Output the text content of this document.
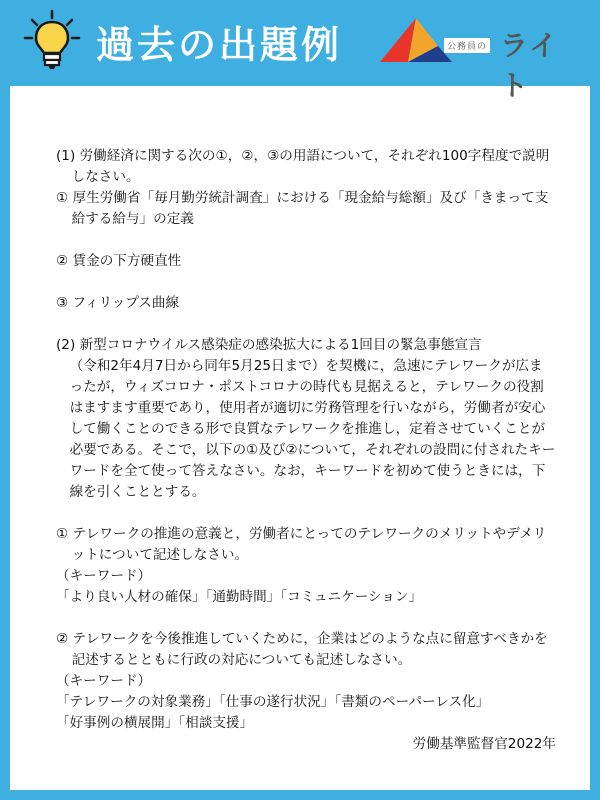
過去の出題例	公務員の ライト

(1) 労働経済に関する次の①，②，③の用語について，それぞれ100字程度で説明しなさい。

① 厚生労働省「毎月勤労統計調査」における「現金給与総額」及び「きまって支給する給与」の定義

② 賃金の下方硬直性

③ フィリップス曲線

(2) 新型コロナウイルス感染症の感染拡大による1回目の緊急事態宣言

（令和2年4月7日から同年5月25日まで）を契機に，急速にテレワークが広まったが，ウィズコロナ・ポストコロナの時代も見据えると，テレワークの役割はますます重要であり，使用者が適切に労務管理を行いながら，労働者が安心して働くことのできる形で良質なテレワークを推進し，定着させていくことが必要である。そこで，以下の①及び②について，それぞれの設問に付されたキーワードを全て使って答えなさい。なお，キーワードを初めて使うときには，下線を引くこととする。

① テレワークの推進の意義と，労働者にとってのテレワークのメリットやデメリットについて記述しなさい。

（キーワード）

「より良い人材の確保」「通勤時間」「コミュニケーション」

② テレワークを今後推進していくために，企業はどのような点に留意すべきかを記述するとともに行政の対応についても記述しなさい。

（キーワード）

「テレワークの対象業務」「仕事の遂行状況」「書類のペーパーレス化」

「好事例の横展開」「相談支援」

労働基準監督官2022年
